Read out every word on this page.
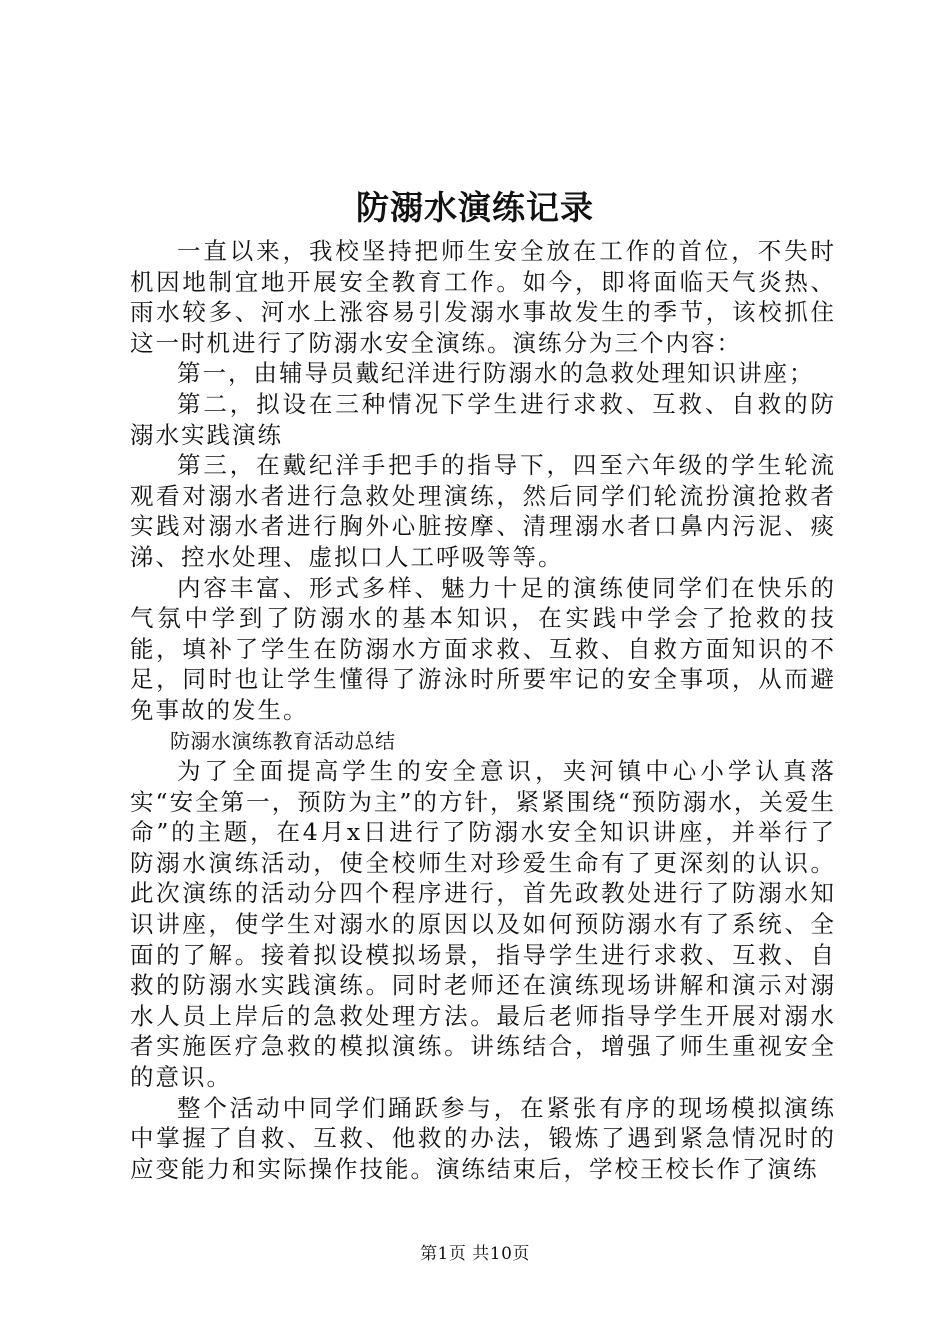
防溺水演练记录

一直以来，我校坚持把师生安全放在工作的首位，不失时机因地制宜地开展安全教育工作。如今，即将面临天气炎热、雨水较多、河水上涨容易引发溺水事故发生的季节，该校抓住这一时机进行了防溺水安全演练。演练分为三个内容：

第一，由辅导员戴纪洋进行防溺水的急救处理知识讲座；

第二，拟设在三种情况下学生进行求救、互救、自救的防溺水实践演练

第三，在戴纪洋手把手的指导下，四至六年级的学生轮流观看对溺水者进行急救处理演练，然后同学们轮流扮演抢救者实践对溺水者进行胸外心脏按摩、清理溺水者口鼻内污泥、痰涕、控水处理、虚拟口人工呼吸等等。

内容丰富、形式多样、魅力十足的演练使同学们在快乐的气氛中学到了防溺水的基本知识，在实践中学会了抢救的技能，填补了学生在防溺水方面求救、互救、自救方面知识的不足，同时也让学生懂得了游泳时所要牢记的安全事项，从而避免事故的发生。

防溺水演练教育活动总结

为了全面提高学生的安全意识，夹河镇中心小学认真落实“安全第一，预防为主”的方针，紧紧围绕“预防溺水，关爱生命”的主题，在4月x日进行了防溺水安全知识讲座，并举行了防溺水演练活动，使全校师生对珍爱生命有了更深刻的认识。此次演练的活动分四个程序进行，首先政教处进行了防溺水知识讲座，使学生对溺水的原因以及如何预防溺水有了系统、全面的了解。接着拟设模拟场景，指导学生进行求救、互救、自救的防溺水实践演练。同时老师还在演练现场讲解和演示对溺水人员上岸后的急救处理方法。最后老师指导学生开展对溺水者实施医疗急救的模拟演练。讲练结合，增强了师生重视安全的意识。

整个活动中同学们踊跃参与，在紧张有序的现场模拟演练中掌握了自救、互救、他救的办法，锻炼了遇到紧急情况时的应变能力和实际操作技能。演练结束后，学校王校长作了演练

第1页 共10页
